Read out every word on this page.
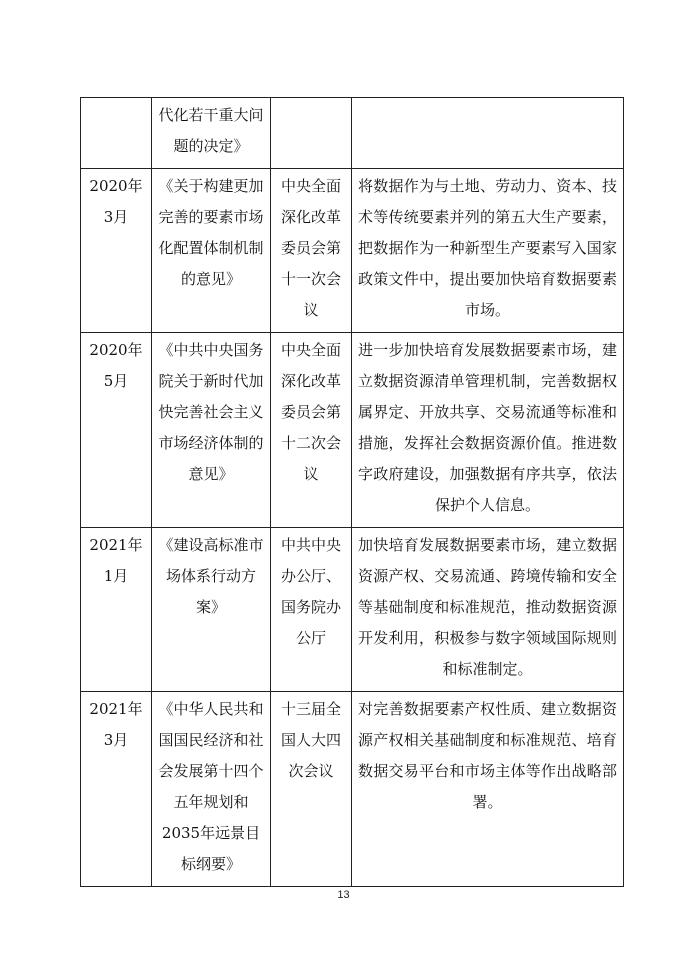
	代化若干重大问题的决定》		

2020年3月	《关于构建更加完善的要素市场化配置体制机制的意见》	中央全面深化改革委员会第十一次会议	将数据作为与土地、劳动力、资本、技术等传统要素并列的第五大生产要素，把数据作为一种新型生产要素写入国家政策文件中，提出要加快培育数据要素市场。

2020年5月	《中共中央国务院关于新时代加快完善社会主义市场经济体制的意见》	中央全面深化改革委员会第十二次会议	进一步加快培育发展数据要素市场，建立数据资源清单管理机制，完善数据权属界定、开放共享、交易流通等标准和措施，发挥社会数据资源价值。推进数字政府建设，加强数据有序共享，依法保护个人信息。

2021年1月	《建设高标准市场体系行动方案》	中共中央办公厅、国务院办公厅	加快培育发展数据要素市场，建立数据资源产权、交易流通、跨境传输和安全等基础制度和标准规范，推动数据资源开发利用，积极参与数字领域国际规则和标准制定。

2021年3月	《中华人民共和国国民经济和社会发展第十四个五年规划和2035年远景目标纲要》	十三届全国人大四次会议	对完善数据要素产权性质、建立数据资源产权相关基础制度和标准规范、培育数据交易平台和市场主体等作出战略部署。
13
